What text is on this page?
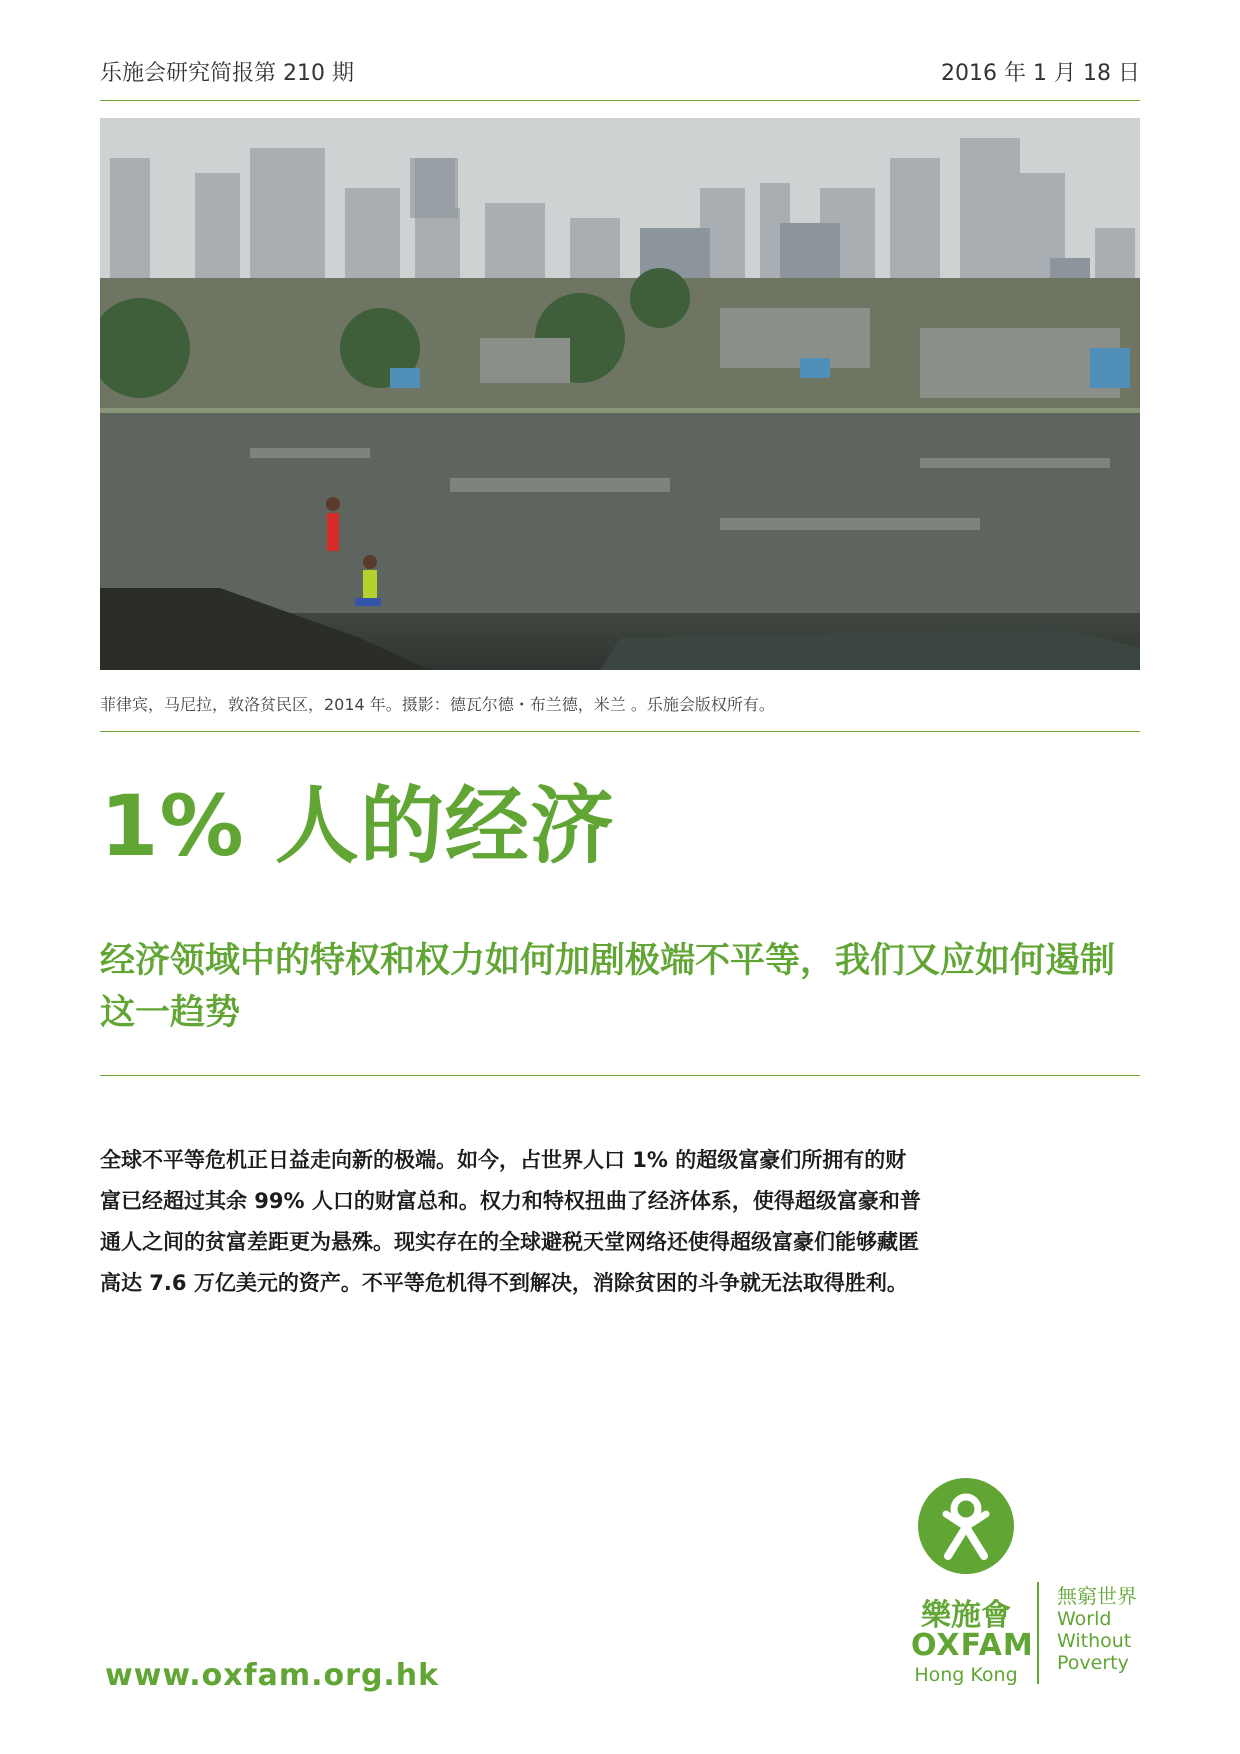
乐施会研究简报第 210 期	2016 年 1 月 18 日
菲律宾，马尼拉，敦洛贫民区，2014 年。摄影：德瓦尔德・布兰德，米兰 。乐施会版权所有。
1% 人的经济
经济领域中的特权和权力如何加剧极端不平等，我们又应如何遏制这一趋势
全球不平等危机正日益走向新的极端。如今，占世界人口 1% 的超级富豪们所拥有的财富已经超过其余 99% 人口的财富总和。权力和特权扭曲了经济体系，使得超级富豪和普通人之间的贫富差距更为悬殊。现实存在的全球避税天堂网络还使得超级富豪们能够藏匿高达 7.6 万亿美元的资产。不平等危机得不到解决，消除贫困的斗争就无法取得胜利。
www.oxfam.org.hk
樂施會
OXFAM
Hong Kong
無窮世界
World
Without
Poverty
